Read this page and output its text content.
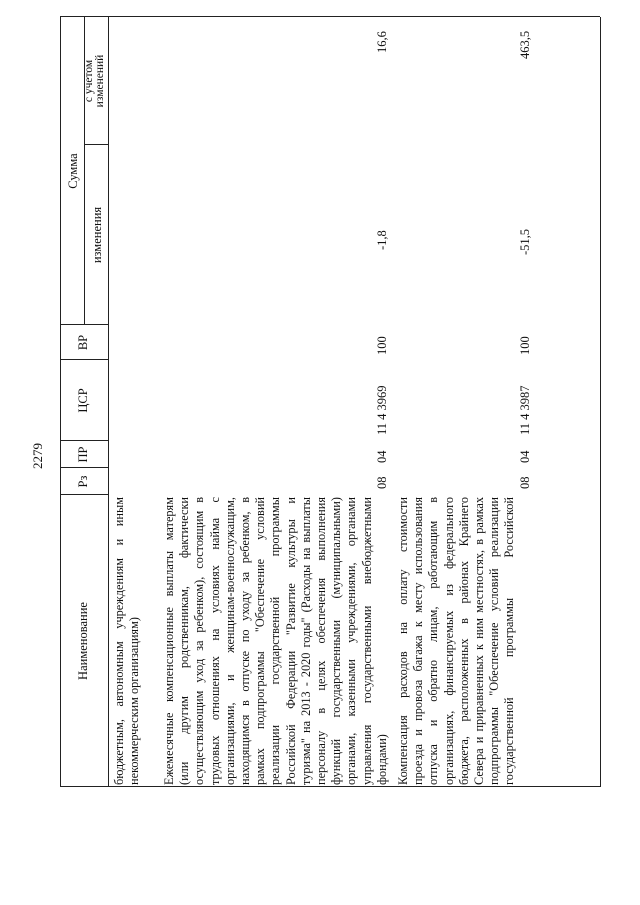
2279
Наименование
Рз
ПР
ЦСР
ВР
Сумма
изменения
с учетом
изменений
бюджетным, автономным учреждениям и иным некоммерческим организациям) Ежемесячные компенсационные выплаты матерям (или другим родственникам, фактически осуществляющим уход за ребенком), состоящим в трудовых отношениях на условиях найма с организациями, и женщинам-военнослужащим, находящимся в отпуске по уходу за ребенком, в рамках подпрограммы "Обеспечение условий реализации государственной программы Российской Федерации "Развитие культуры и туризма" на 2013 - 2020 годы" (Расходы на выплаты персоналу в целях обеспечения выполнения функций государственными (муниципальными) органами, казенными учреждениями, органами управления государственными внебюджетными фондами)
08
04
11 4 3969
100
-1,8
16,6
Компенсация расходов на оплату стоимости проезда и провоза багажа к месту использования отпуска и обратно лицам, работающим в организациях, финансируемых из федерального бюджета, расположенных в районах Крайнего Севера и приравненных к ним местностях, в рамках подпрограммы "Обеспечение условий реализации государственной программы Российской
08
04
11 4 3987
100
-51,5
463,5
